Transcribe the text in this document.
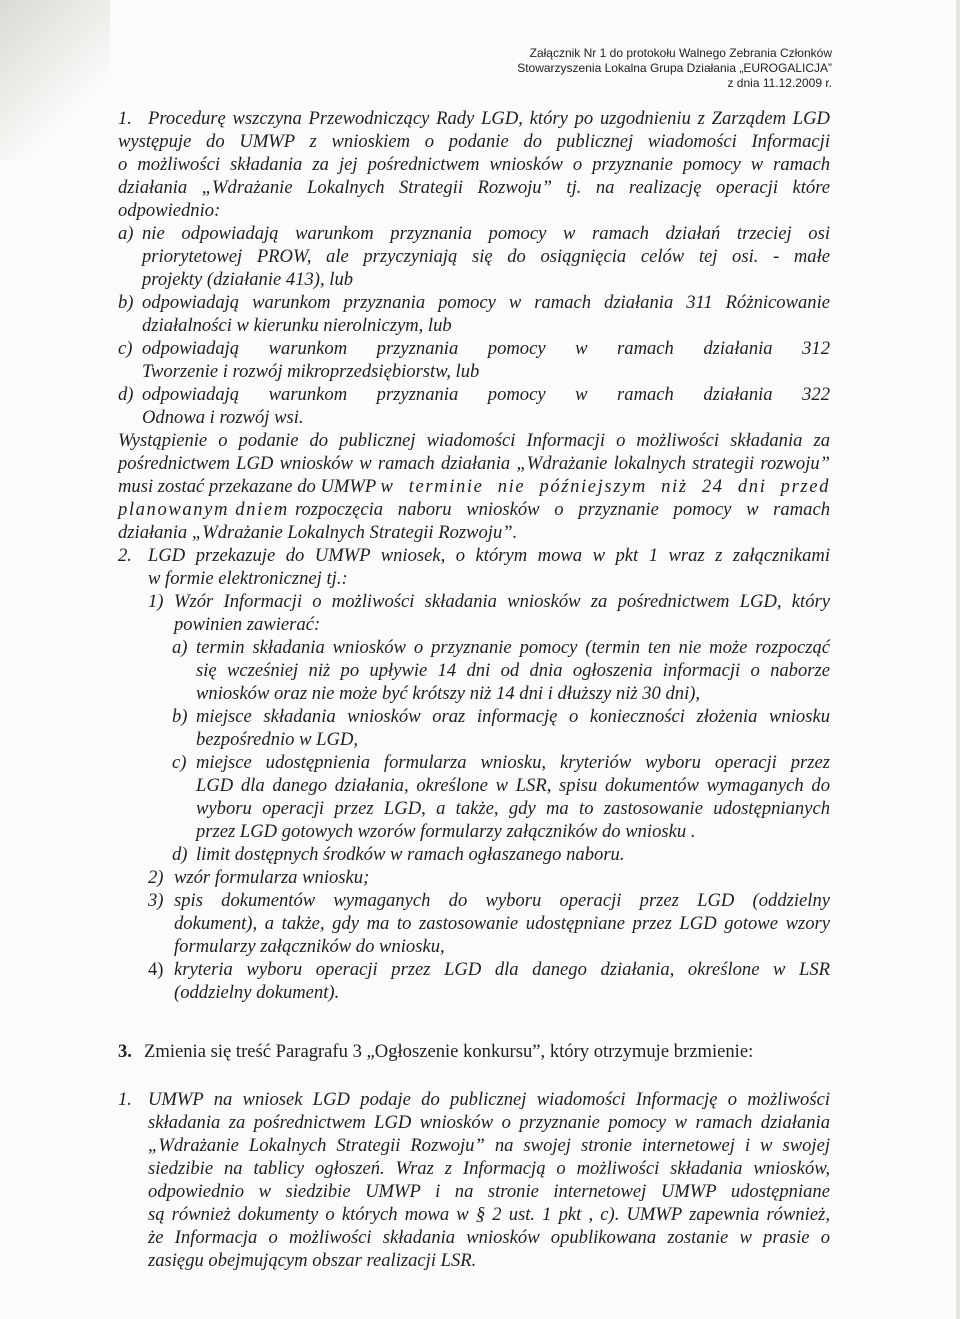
Załącznik Nr 1 do protokołu Walnego Zebrania Członków
Stowarzyszenia Lokalna Grupa Działania „EUROGALICJA”
z dnia 11.12.2009 r.
1. Procedurę wszczyna Przewodniczący Rady LGD, który po uzgodnieniu z Zarządem LGD
występuje do UMWP z wnioskiem o podanie do publicznej wiadomości Informacji
o możliwości składania za jej pośrednictwem wniosków o przyznanie pomocy w ramach
działania „Wdrażanie Lokalnych Strategii Rozwoju” tj. na realizację operacji które
odpowiednio:
a) nie odpowiadają warunkom przyznania pomocy w ramach działań trzeciej osi
priorytetowej PROW, ale przyczyniają się do osiągnięcia celów tej osi. - małe
projekty (działanie 413), lub
b) odpowiadają warunkom przyznania pomocy w ramach działania 311 Różnicowanie
działalności w kierunku nierolniczym, lub
c) odpowiadają warunkom przyznania pomocy w ramach działania 312
Tworzenie i rozwój mikroprzedsiębiorstw, lub
d) odpowiadają warunkom przyznania pomocy w ramach działania 322
Odnowa i rozwój wsi.
Wystąpienie o podanie do publicznej wiadomości Informacji o możliwości składania za
pośrednictwem LGD wniosków w ramach działania „Wdrażanie lokalnych strategii rozwoju”
musi zostać przekazane do UMWP w terminie nie późniejszym niż 24 dni przed
planowanym dniem rozpoczęcia naboru wniosków o przyznanie pomocy w ramach
działania „Wdrażanie Lokalnych Strategii Rozwoju”.
2. LGD przekazuje do UMWP wniosek, o którym mowa w pkt 1 wraz z załącznikami
w formie elektronicznej tj.:
1) Wzór Informacji o możliwości składania wniosków za pośrednictwem LGD, który
powinien zawierać:
a) termin składania wniosków o przyznanie pomocy (termin ten nie może rozpocząć
się wcześniej niż po upływie 14 dni od dnia ogłoszenia informacji o naborze
wniosków oraz nie może być krótszy niż 14 dni i dłuższy niż 30 dni),
b) miejsce składania wniosków oraz informację o konieczności złożenia wniosku
bezpośrednio w LGD,
c) miejsce udostępnienia formularza wniosku, kryteriów wyboru operacji przez
LGD dla danego działania, określone w LSR, spisu dokumentów wymaganych do
wyboru operacji przez LGD, a także, gdy ma to zastosowanie udostępnianych
przez LGD gotowych wzorów formularzy załączników do wniosku .
d) limit dostępnych środków w ramach ogłaszanego naboru.
2) wzór formularza wniosku;
3) spis dokumentów wymaganych do wyboru operacji przez LGD (oddzielny
dokument), a także, gdy ma to zastosowanie udostępniane przez LGD gotowe wzory
formularzy załączników do wniosku,
4) kryteria wyboru operacji przez LGD dla danego działania, określone w LSR
(oddzielny dokument).
3. Zmienia się treść Paragrafu 3 „Ogłoszenie konkursu”, który otrzymuje brzmienie:
1. UMWP na wniosek LGD podaje do publicznej wiadomości Informację o możliwości
składania za pośrednictwem LGD wniosków o przyznanie pomocy w ramach działania
„Wdrażanie Lokalnych Strategii Rozwoju” na swojej stronie internetowej i w swojej
siedzibie na tablicy ogłoszeń. Wraz z Informacją o możliwości składania wniosków,
odpowiednio w siedzibie UMWP i na stronie internetowej UMWP udostępniane
są również dokumenty o których mowa w § 2 ust. 1 pkt , c). UMWP zapewnia również,
że Informacja o możliwości składania wniosków opublikowana zostanie w prasie o
zasięgu obejmującym obszar realizacji LSR.
